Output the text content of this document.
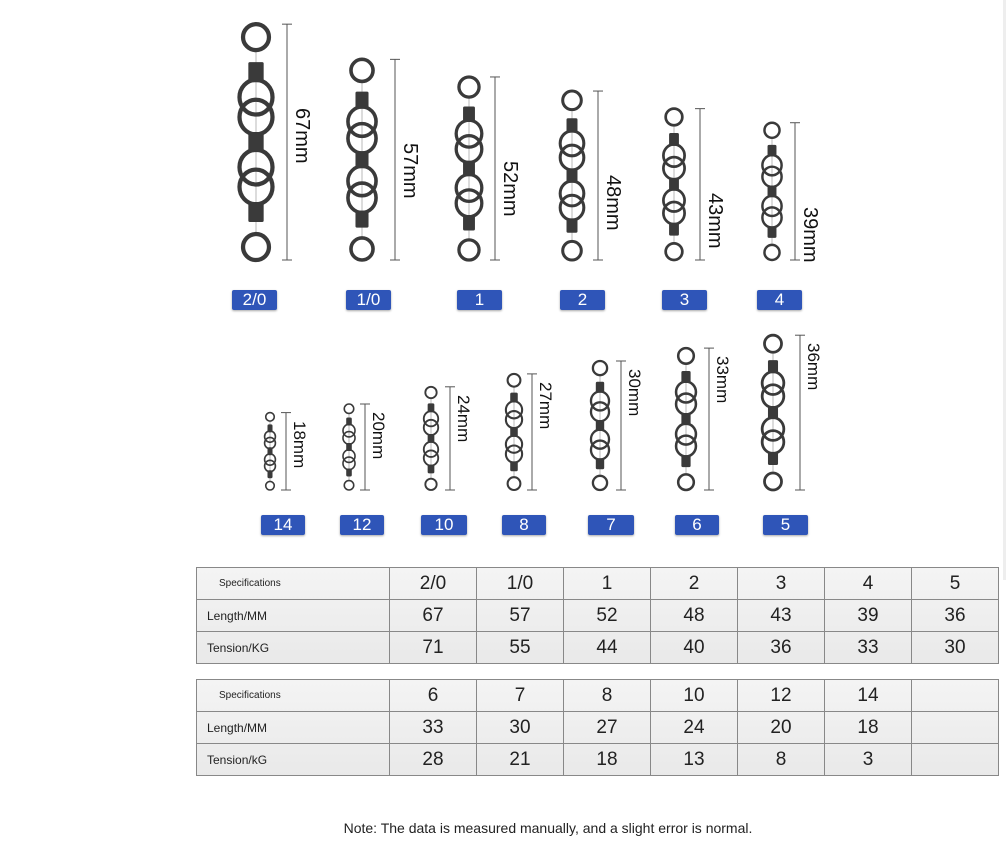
67mm
2/0
57mm
1/0
52mm
1
48mm
2
43mm
3
39mm
4
18mm
14
20mm
12
24mm
10
27mm
8
30mm
7
33mm
6
36mm
5
Specifications	2/0	1/0	1	2	3	4	5
Length/MM	67	57	52	48	43	39	36
Tension/KG	71	55	44	40	36	33	30
Specifications	6	7	8	10	12	14	
Length/MM	33	30	27	24	20	18	
Tension/kG	28	21	18	13	8	3	
Note: The data is measured manually, and a slight error is normal.
